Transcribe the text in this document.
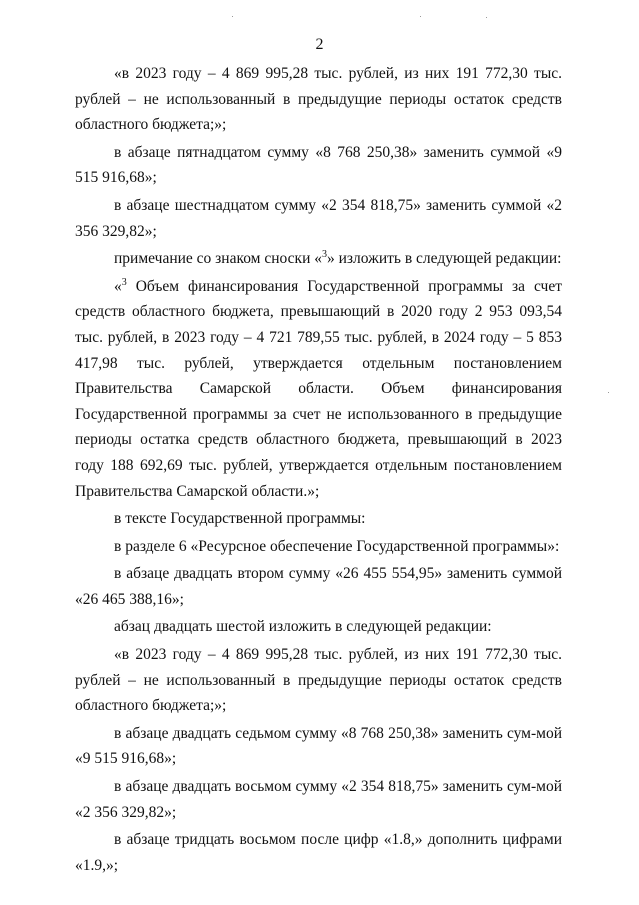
2

«в 2023 году – 4 869 995,28 тыс. рублей, из них 191 772,30 тыс. рублей – не использованный в предыдущие периоды остаток средств областного бюджета;»;

в абзаце пятнадцатом сумму «8 768 250,38» заменить суммой «9 515 916,68»;

в абзаце шестнадцатом сумму «2 354 818,75» заменить суммой «2 356 329,82»;

примечание со знаком сноски «$^3$» изложить в следующей редакции:

«$^3$ Объем финансирования Государственной программы за счет средств областного бюджета, превышающий в 2020 году 2 953 093,54 тыс. рублей, в 2023 году – 4 721 789,55 тыс. рублей, в 2024 году – 5 853 417,98 тыс. рублей, утверждается отдельным постановлением Правительства Самарской области. Объем финансирования Государственной программы за счет не использованного в предыдущие периоды остатка средств областного бюджета, превышающий в 2023 году 188 692,69 тыс. рублей, утверждается отдельным постановлением Правительства Самарской области.»;

в тексте Государственной программы:

в разделе 6 «Ресурсное обеспечение Государственной программы»:

в абзаце двадцать втором сумму «26 455 554,95» заменить суммой «26 465 388,16»;

абзац двадцать шестой изложить в следующей редакции:

«в 2023 году – 4 869 995,28 тыс. рублей, из них 191 772,30 тыс. рублей – не использованный в предыдущие периоды остаток средств областного бюджета;»;

в абзаце двадцать седьмом сумму «8 768 250,38» заменить сум-мой «9 515 916,68»;

в абзаце двадцать восьмом сумму «2 354 818,75» заменить сум-мой «2 356 329,82»;

в абзаце тридцать восьмом после цифр «1.8,» дополнить цифрами «1.9,»;
